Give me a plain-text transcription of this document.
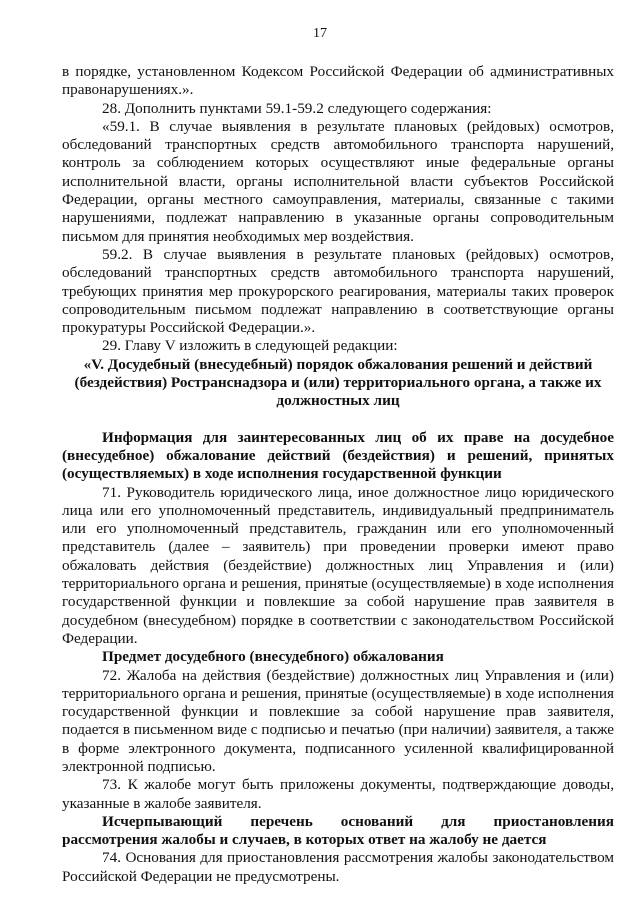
17

в порядке, установленном Кодексом Российской Федерации об административных правонарушениях.».

28. Дополнить пунктами 59.1-59.2 следующего содержания:

«59.1. В случае выявления в результате плановых (рейдовых) осмотров, обследований транспортных средств автомобильного транспорта нарушений, контроль за соблюдением которых осуществляют иные федеральные органы исполнительной власти, органы исполнительной власти субъектов Российской Федерации, органы местного самоуправления, материалы, связанные с такими нарушениями, подлежат направлению в указанные органы сопроводительным письмом для принятия необходимых мер воздействия.

59.2. В случае выявления в результате плановых (рейдовых) осмотров, обследований транспортных средств автомобильного транспорта нарушений, требующих принятия мер прокурорского реагирования, материалы таких проверок сопроводительным письмом подлежат направлению в соответствующие органы прокуратуры Российской Федерации.».

29. Главу V изложить в следующей редакции:

«V. Досудебный (внесудебный) порядок обжалования решений и действий (бездействия) Ространснадзора и (или) территориального органа, а также их должностных лиц

Информация для заинтересованных лиц об их праве на досудебное (внесудебное) обжалование действий (бездействия) и решений, принятых (осуществляемых) в ходе исполнения государственной функции

71. Руководитель юридического лица, иное должностное лицо юридического лица или его уполномоченный представитель, индивидуальный предприниматель или его уполномоченный представитель, гражданин или его уполномоченный представитель (далее – заявитель) при проведении проверки имеют право обжаловать действия (бездействие) должностных лиц Управления и (или) территориального органа и решения, принятые (осуществляемые) в ходе исполнения государственной функции и повлекшие за собой нарушение прав заявителя в досудебном (внесудебном) порядке в соответствии с законодательством Российской Федерации.

Предмет досудебного (внесудебного) обжалования

72. Жалоба на действия (бездействие) должностных лиц Управления и (или) территориального органа и решения, принятые (осуществляемые) в ходе исполнения государственной функции и повлекшие за собой нарушение прав заявителя, подается в письменном виде с подписью и печатью (при наличии) заявителя, а также в форме электронного документа, подписанного усиленной квалифицированной электронной подписью.

73. К жалобе могут быть приложены документы, подтверждающие доводы, указанные в жалобе заявителя.

Исчерпывающий перечень оснований для приостановления рассмотрения жалобы и случаев, в которых ответ на жалобу не дается

74. Основания для приостановления рассмотрения жалобы законодательством Российской Федерации не предусмотрены.
